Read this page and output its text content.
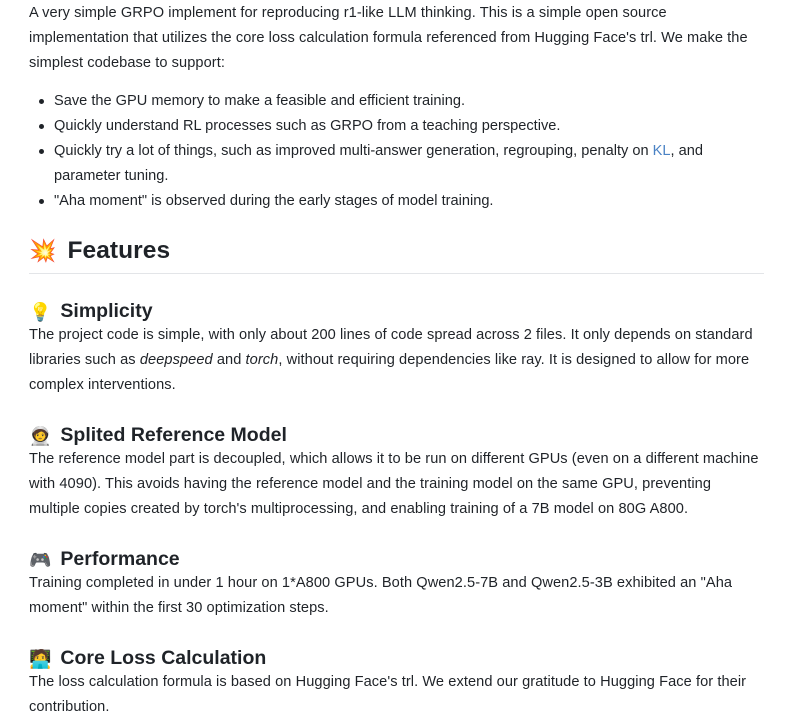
A very simple GRPO implement for reproducing r1-like LLM thinking. This is a simple open source implementation that utilizes the core loss calculation formula referenced from Hugging Face's trl. We make the simplest codebase to support:

Save the GPU memory to make a feasible and efficient training.
Quickly understand RL processes such as GRPO from a teaching perspective.
Quickly try a lot of things, such as improved multi-answer generation, regrouping, penalty on KL, and parameter tuning.
"Aha moment" is observed during the early stages of model training.
💥 Features
💡 Simplicity

The project code is simple, with only about 200 lines of code spread across 2 files. It only depends on standard libraries such as deepspeed and torch, without requiring dependencies like ray. It is designed to allow for more complex interventions.

🧑‍🚀 Splited Reference Model

The reference model part is decoupled, which allows it to be run on different GPUs (even on a different machine with 4090). This avoids having the reference model and the training model on the same GPU, preventing multiple copies created by torch's multiprocessing, and enabling training of a 7B model on 80G A800.

🎮 Performance

Training completed in under 1 hour on 1*A800 GPUs. Both Qwen2.5-7B and Qwen2.5-3B exhibited an "Aha moment" within the first 30 optimization steps.

🧑‍💻 Core Loss Calculation

The loss calculation formula is based on Hugging Face's trl. We extend our gratitude to Hugging Face for their contribution.
